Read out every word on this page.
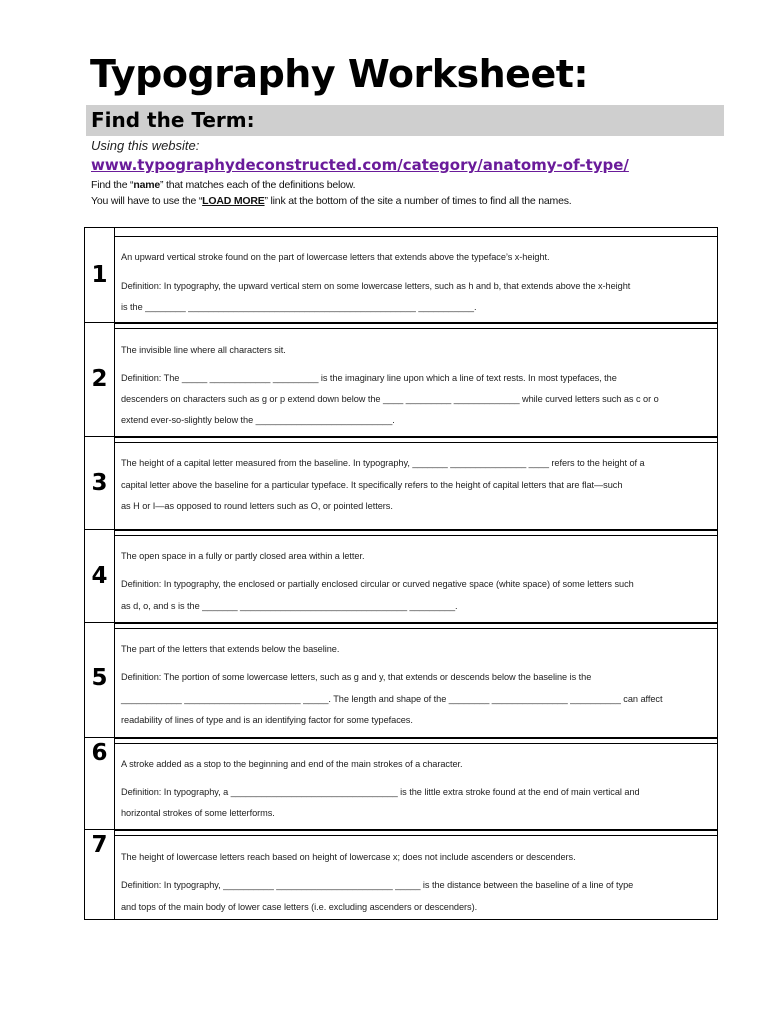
Typography Worksheet:
Find the Term:
Using this website:
www.typographydeconstructed.com/category/anatomy-of-type/
Find the “name” that matches each of the definitions below.
You will have to use the “LOAD MORE” link at the bottom of the site a number of times to find all the names.
1
An upward vertical stroke found on the part of lowercase letters that extends above the typeface’s x-height.
Definition: In typography, the upward vertical stem on some lowercase letters, such as h and b, that extends above the x-height
is the ________ _____________________________________________ ___________.
2
The invisible line where all characters sit.
Definition: The _____ ____________ _________ is the imaginary line upon which a line of text rests. In most typefaces, the
descenders on characters such as g or p extend down below the ____ _________ _____________ while curved letters such as c or o
extend ever-so-slightly below the ___________________________.
3
The height of a capital letter measured from the baseline. In typography, _______ _______________ ____ refers to the height of a
capital letter above the baseline for a particular typeface. It specifically refers to the height of capital letters that are flat—such
as H or I—as opposed to round letters such as O, or pointed letters.
4
The open space in a fully or partly closed area within a letter.
Definition: In typography, the enclosed or partially enclosed circular or curved negative space (white space) of some letters such
as d, o, and s is the _______ _________________________________ _________.
5
The part of the letters that extends below the baseline.
Definition: The portion of some lowercase letters, such as g and y, that extends or descends below the baseline is the
____________ _______________________ _____. The length and shape of the ________ _______________ __________ can affect
readability of lines of type and is an identifying factor for some typefaces.
6	A stroke added as a stop to the beginning and end of the main strokes of a character.
Definition: In typography, a _________________________________ is the little extra stroke found at the end of main vertical and
horizontal strokes of some letterforms.
7	The height of lowercase letters reach based on height of lowercase x; does not include ascenders or descenders.
Definition: In typography, __________ _______________________ _____ is the distance between the baseline of a line of type
and tops of the main body of lower case letters (i.e. excluding ascenders or descenders).
